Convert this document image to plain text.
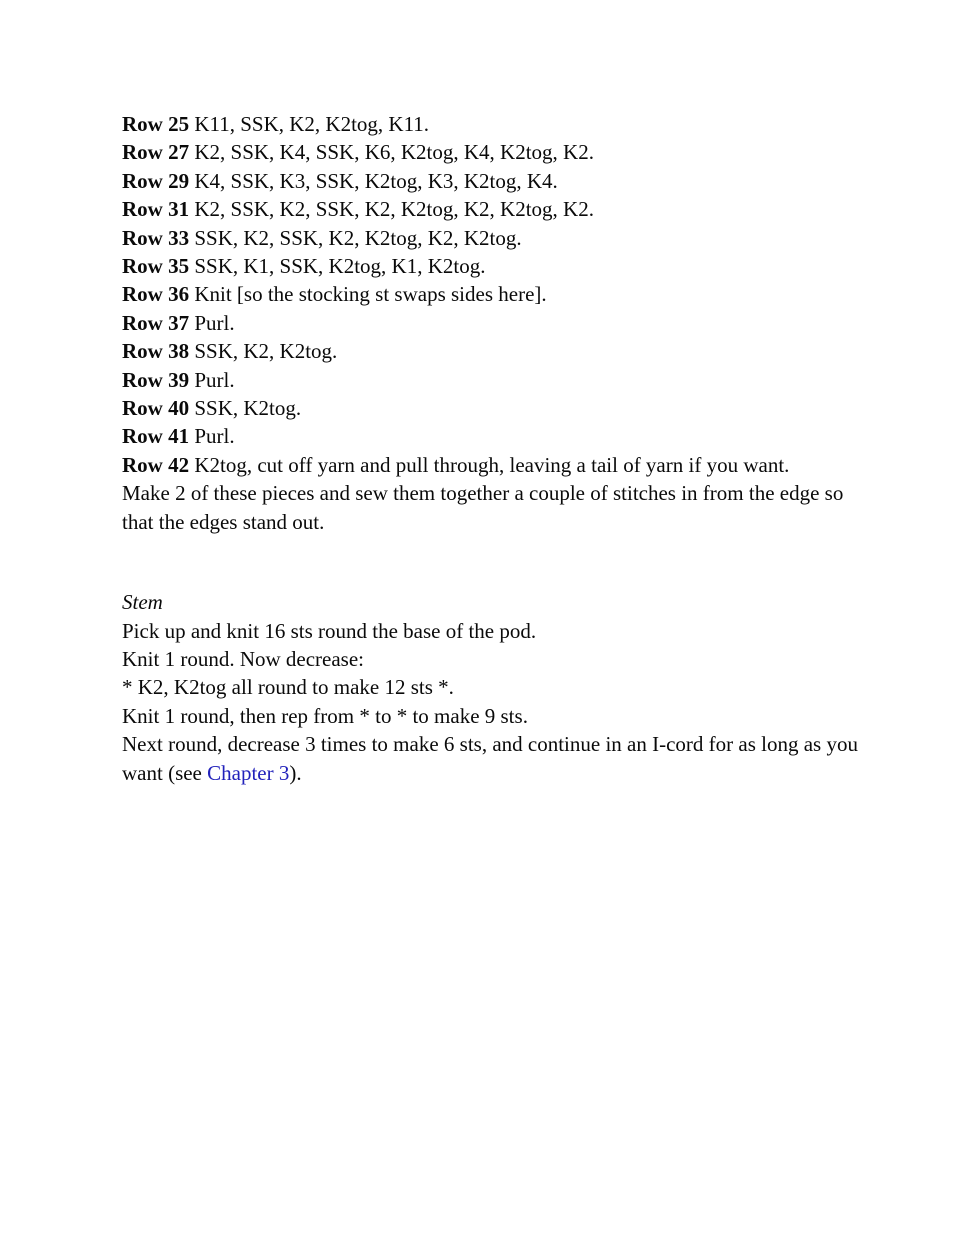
Row 25 K11, SSK, K2, K2tog, K11.

Row 27 K2, SSK, K4, SSK, K6, K2tog, K4, K2tog, K2.

Row 29 K4, SSK, K3, SSK, K2tog, K3, K2tog, K4.

Row 31 K2, SSK, K2, SSK, K2, K2tog, K2, K2tog, K2.

Row 33 SSK, K2, SSK, K2, K2tog, K2, K2tog.

Row 35 SSK, K1, SSK, K2tog, K1, K2tog.

Row 36 Knit [so the stocking st swaps sides here].

Row 37 Purl.

Row 38 SSK, K2, K2tog.

Row 39 Purl.

Row 40 SSK, K2tog.

Row 41 Purl.

Row 42 K2tog, cut off yarn and pull through, leaving a tail of yarn if you want.

Make 2 of these pieces and sew them together a couple of stitches in from the edge so that the edges stand out.

Stem

Pick up and knit 16 sts round the base of the pod.

Knit 1 round. Now decrease:

* K2, K2tog all round to make 12 sts *.

Knit 1 round, then rep from * to * to make 9 sts.

Next round, decrease 3 times to make 6 sts, and continue in an I-cord for as long as you want (see Chapter 3).
